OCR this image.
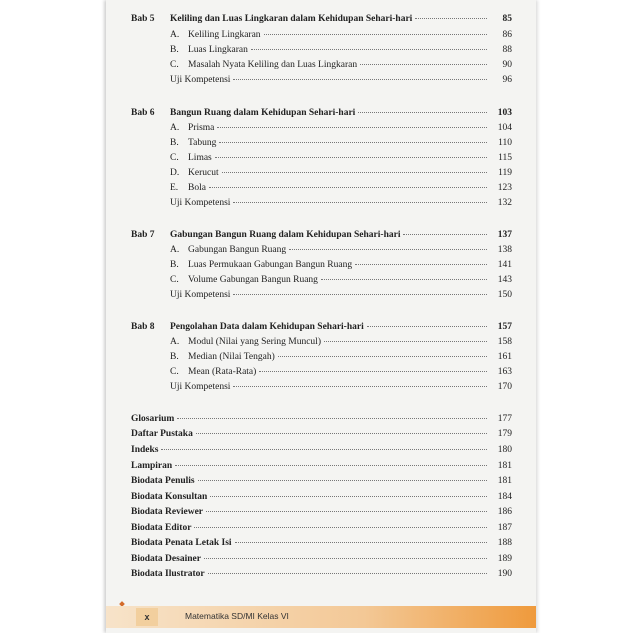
Bab 5 Keliling dan Luas Lingkaran dalam Kehidupan Sehari-hari	85
A. Keliling Lingkaran	86
B. Luas Lingkaran	88
C. Masalah Nyata Keliling dan Luas Lingkaran	90
Uji Kompetensi	96
Bab 6 Bangun Ruang dalam Kehidupan Sehari-hari	103
A. Prisma	104
B. Tabung	110
C. Limas	115
D. Kerucut	119
E. Bola	123
Uji Kompetensi	132
Bab 7 Gabungan Bangun Ruang dalam Kehidupan Sehari-hari	137
A. Gabungan Bangun Ruang	138
B. Luas Permukaan Gabungan Bangun Ruang	141
C. Volume Gabungan Bangun Ruang	143
Uji Kompetensi	150
Bab 8 Pengolahan Data dalam Kehidupan Sehari-hari	157
A. Modul (Nilai yang Sering Muncul)	158
B. Median (Nilai Tengah)	161
C. Mean (Rata-Rata)	163
Uji Kompetensi	170
Glosarium	177
Daftar Pustaka	179
Indeks	180
Lampiran	181
Biodata Penulis	181
Biodata Konsultan	184
Biodata Reviewer	186
Biodata Editor	187
Biodata Penata Letak Isi	188
Biodata Desainer	189
Biodata Ilustrator	190
x	Matematika SD/MI Kelas VI
